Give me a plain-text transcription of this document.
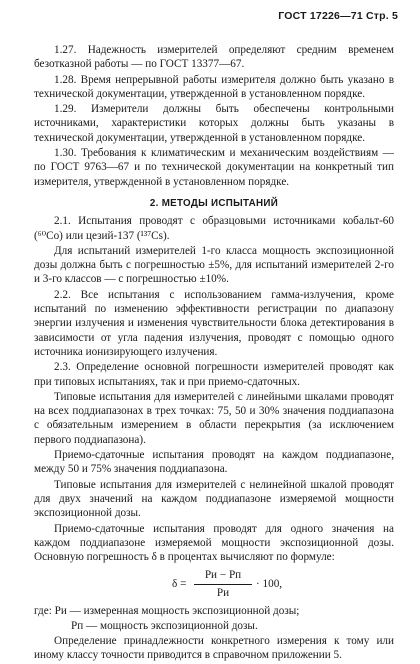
ГОСТ 17226—71 Стр. 5

1.27. Надежность измерителей определяют средним временем безотказной работы — по ГОСТ 13377—67.

1.28. Время непрерывной работы измерителя должно быть указано в технической документации, утвержденной в установленном порядке.

1.29. Измерители должны быть обеспечены контрольными источниками, характеристики которых должны быть указаны в технической документации, утвержденной в установленном порядке.

1.30. Требования к климатическим и механическим воздействиям — по ГОСТ 9763—67 и по технической документации на конкретный тип измерителя, утвержденной в установленном порядке.

2. МЕТОДЫ ИСПЫТАНИЙ

2.1. Испытания проводят с образцовыми источниками кобальт-60 (⁶⁰Co) или цезий-137 (¹³⁷Cs).

Для испытаний измерителей 1-го класса мощность экспозиционной дозы должна быть с погрешностью ±5%, для испытаний измерителей 2-го и 3-го классов — с погрешностью ±10%.

2.2. Все испытания с использованием гамма-излучения, кроме испытаний по изменению эффективности регистрации по диапазону энергии излучения и изменения чувствительности блока детектирования в зависимости от угла падения излучения, проводят с помощью одного источника ионизирующего излучения.

2.3. Определение основной погрешности измерителей проводят как при типовых испытаниях, так и при приемо-сдаточных.

Типовые испытания для измерителей с линейными шкалами проводят на всех поддиапазонах в трех точках: 75, 50 и 30% значения поддиапазона с обязательным измерением в области перекрытия (за исключением первого поддиапазона).

Приемо-сдаточные испытания проводят на каждом поддиапазоне, между 50 и 75% значения поддиапазона.

Типовые испытания для измерителей с нелинейной шкалой проводят для двух значений на каждом поддиапазоне измеряемой мощности экспозиционной дозы.

Приемо-сдаточные испытания проводят для одного значения на каждом поддиапазоне измеряемой мощности экспозиционной дозы. Основную погрешность δ в процентах вычисляют по формуле:

δ =
Pи − Pп
Pи
· 100,

где: Pи — измеренная мощность экспозиционной дозы;

Pп — мощность экспозиционной дозы.

Определение принадлежности конкретного измерения к тому или иному классу точности приводится в справочном приложении 5.
